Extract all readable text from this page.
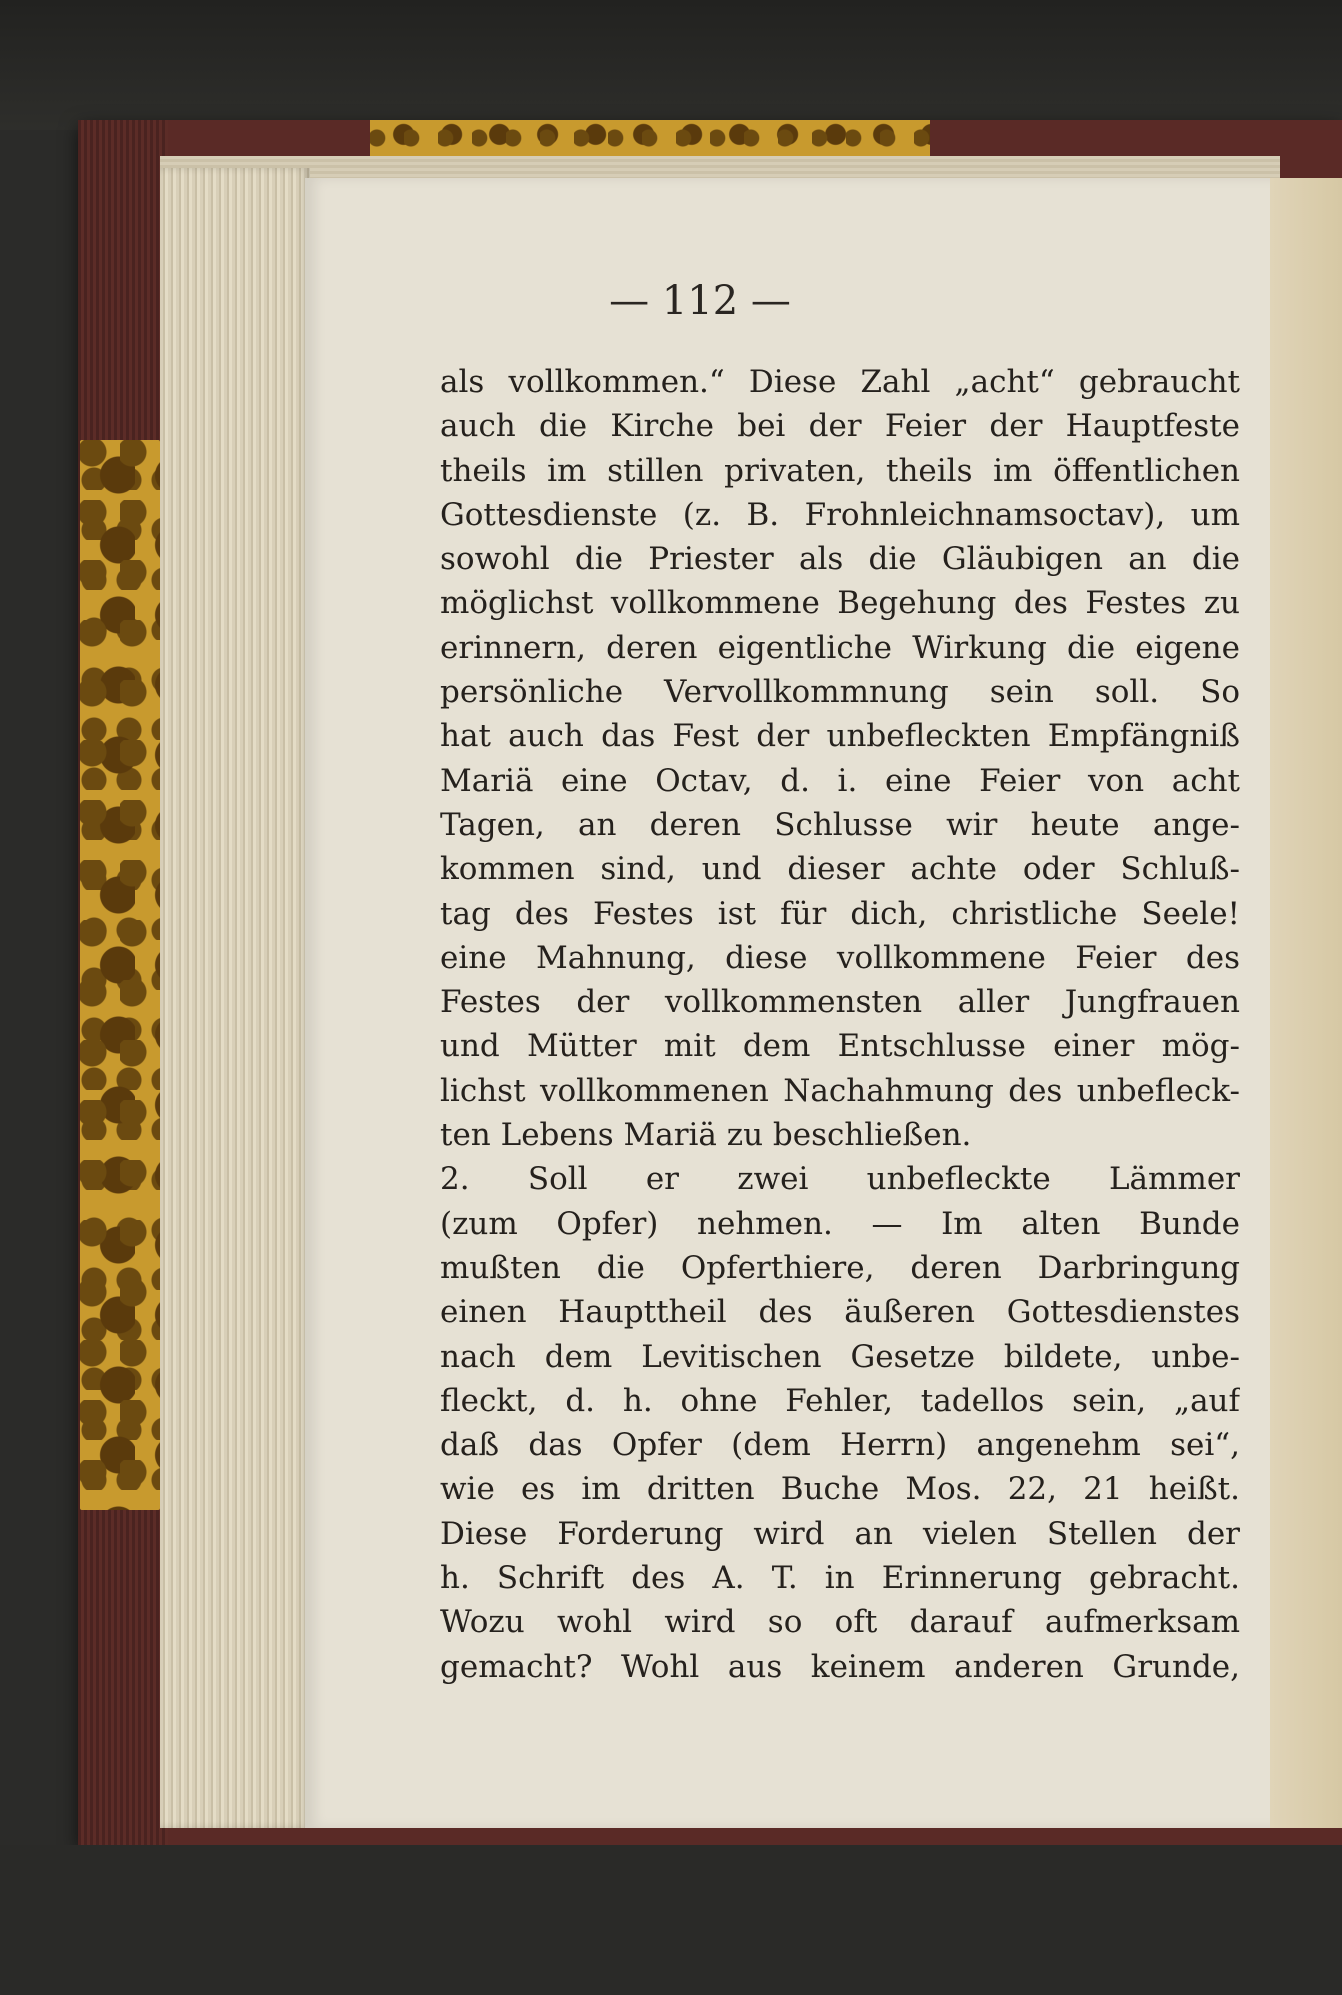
— 112 —
als vollkommen.“ Diese Zahl „acht“ gebraucht
auch die Kirche bei der Feier der Hauptfeste
theils im stillen privaten, theils im öffentlichen
Gottesdienste (z. B. Frohnleichnamsoctav), um
sowohl die Priester als die Gläubigen an die
möglichst vollkommene Begehung des Festes zu
erinnern, deren eigentliche Wirkung die eigene
persönliche Vervollkommnung sein soll. So
hat auch das Fest der unbefleckten Empfängniß
Mariä eine Octav, d. i. eine Feier von acht
Tagen, an deren Schlusse wir heute ange-
kommen sind, und dieser achte oder Schluß-
tag des Festes ist für dich, christliche Seele!
eine Mahnung, diese vollkommene Feier des
Festes der vollkommensten aller Jungfrauen
und Mütter mit dem Entschlusse einer mög-
lichst vollkommenen Nachahmung des unbefleck-
ten Lebens Mariä zu beschließen.
2. Soll er zwei unbefleckte Lämmer
(zum Opfer) nehmen. — Im alten Bunde
mußten die Opferthiere, deren Darbringung
einen Haupttheil des äußeren Gottesdienstes
nach dem Levitischen Gesetze bildete, unbe-
fleckt, d. h. ohne Fehler, tadellos sein, „auf
daß das Opfer (dem Herrn) angenehm sei“,
wie es im dritten Buche Mos. 22, 21 heißt.
Diese Forderung wird an vielen Stellen der
h. Schrift des A. T. in Erinnerung gebracht.
Wozu wohl wird so oft darauf aufmerksam
gemacht? Wohl aus keinem anderen Grunde,
